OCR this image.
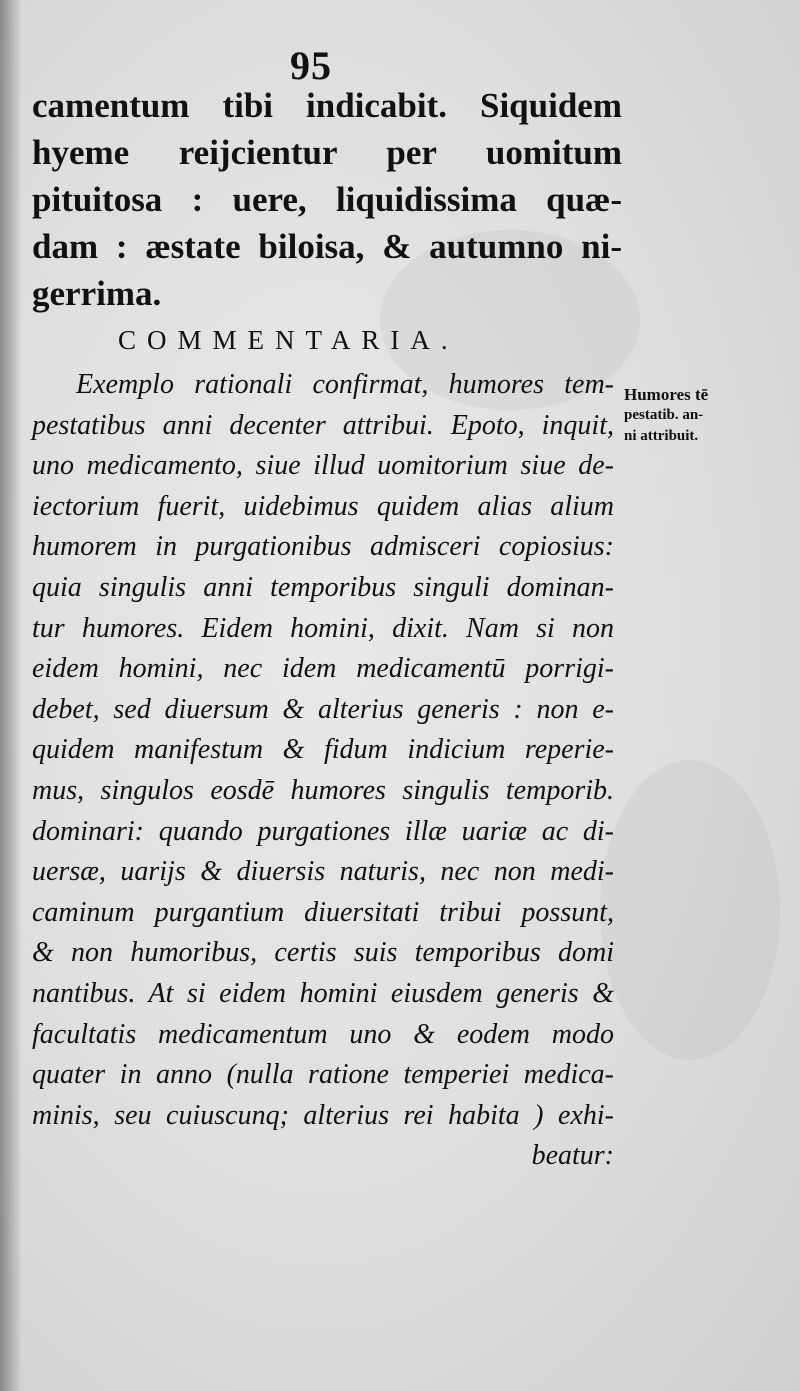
95
camentum tibi indicabit. Siquidem
hyeme reijcientur per uomitum
pituitosa : uere, liquidissima quæ-
dam : æstate biloisa, & autumno ni-
gerrima.
COMMENTARIA.
Exemplo rationali confirmat, humores tem-
pestatibus anni decenter attribui. Epoto, inquit,
uno medicamento, siue illud uomitorium siue de-
iectorium fuerit, uidebimus quidem alias alium
humorem in purgationibus admisceri copiosius:
quia singulis anni temporibus singuli dominan-
tur humores. Eidem homini, dixit. Nam si non
eidem homini, nec idem medicamentū porrigi-
debet, sed diuersum & alterius generis : non e-
quidem manifestum & fidum indicium reperie-
mus, singulos eosdē humores singulis temporib.
dominari: quando purgationes illæ uariæ ac di-
uersæ, uarijs & diuersis naturis, nec non medi-
caminum purgantium diuersitati tribui possunt,
& non humoribus, certis suis temporibus domi
nantibus. At si eidem homini eiusdem generis &
facultatis medicamentum uno & eodem modo
quater in anno (nulla ratione temperiei medica-
minis, seu cuiuscunq; alterius rei habita ) exhi-
beatur:
Humores tē
pestatib. an-
ni attribuit.
